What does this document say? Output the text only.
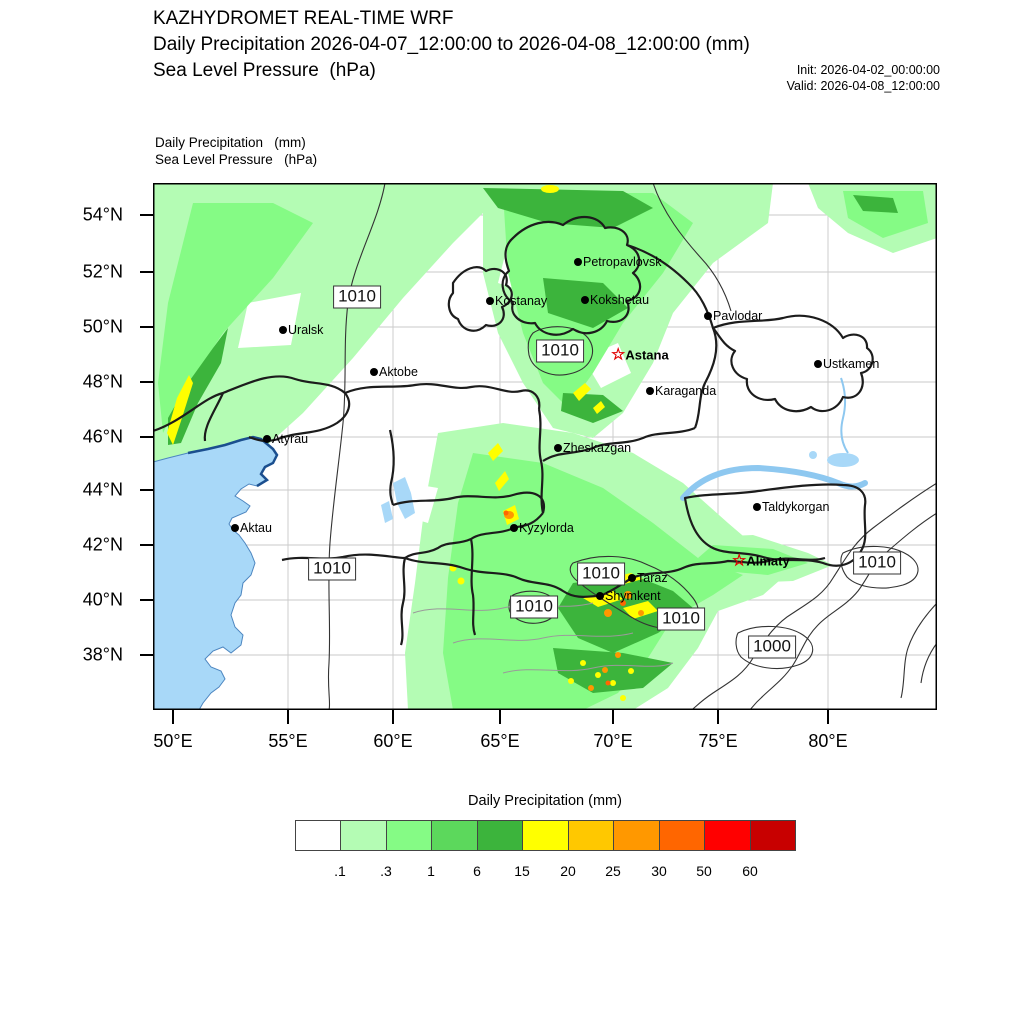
KAZHYDROMET REAL-TIME WRF
Daily Precipitation 2026-04-07_12:00:00 to 2026-04-08_12:00:00 (mm)
Sea Level Pressure  (hPa)	Init: 2026-04-02_00:00:00
Valid: 2026-04-08_12:00:00
Daily Precipitation   (mm)
Sea Level Pressure   (hPa)
54°N
52°N
50°N
48°N
46°N
44°N
42°N
40°N
38°N
50°E	55°E	60°E	65°E	70°E	75°E	80°E
Petropavlovsk
Kostanay	Kokshetau
Pavlodar
Uralsk
☆
Astana
Ustkamen
Aktobe
Karaganda
Atyrau
Zheskazgan
Taldykorgan
Aktau	Kyzylorda
☆
Almaty
Taraz
Shymkent
1010
1010
1010	1010
1010
1010
1000
1010
Daily Precipitation (mm)
.1 .3	1	6 15 20 25 30 50 60
